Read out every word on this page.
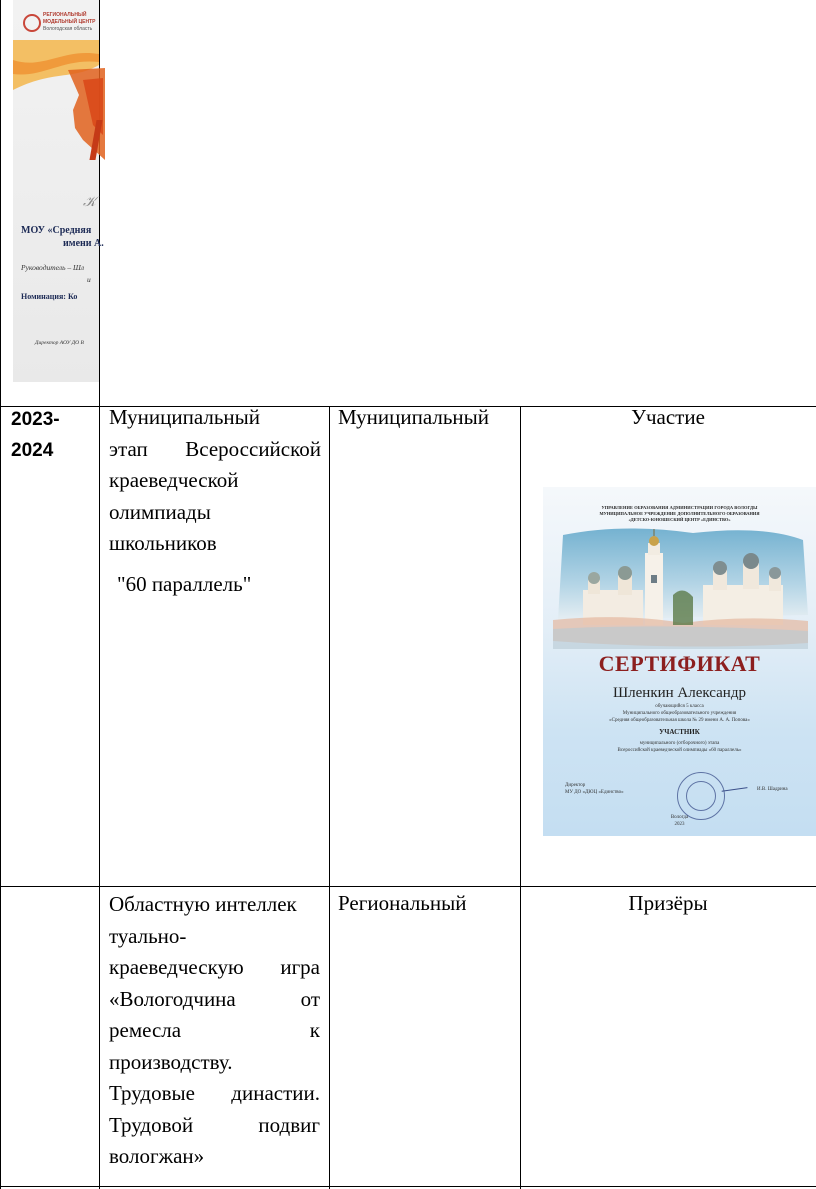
РЕГИОНАЛЬНЫЙ
МОДЕЛЬНЫЙ ЦЕНТР
Вологодская область
𝒦
МОУ «Средняя
имени А.
Руководитель – Шл
и
Номинация: Ко
Директор АОУ ДО В
2023-
2024
Муниципальный
этап Всероссийской
краеведческой
олимпиады
школьников
"60 параллель"
Муниципальный	Участие
УПРАВЛЕНИЕ ОБРАЗОВАНИЯ АДМИНИСТРАЦИИ ГОРОДА ВОЛОГДЫ
МУНИЦИПАЛЬНОЕ УЧРЕЖДЕНИЕ ДОПОЛНИТЕЛЬНОГО ОБРАЗОВАНИЯ
«ДЕТСКО-ЮНОШЕСКИЙ ЦЕНТР «ЕДИНСТВО»
СЕРТИФИКАТ
Шленкин Александр
обучающийся 5 класса
Муниципального общеобразовательного учреждения
«Средняя общеобразовательная школа № 29 имени А. А. Попова»
УЧАСТНИК
муниципального (отборочного) этапа
Всероссийской краеведческой олимпиады «60 параллель»
Директор
МУ ДО «ДЮЦ «Единство»
И.В. Шадрина
Вологда
2023
Областную интеллек
туально-
краеведческую игра
«Вологодчина от
ремесла к
производству.
Трудовые династии.
Трудовой подвиг
вологжан»
Региональный	Призёры
